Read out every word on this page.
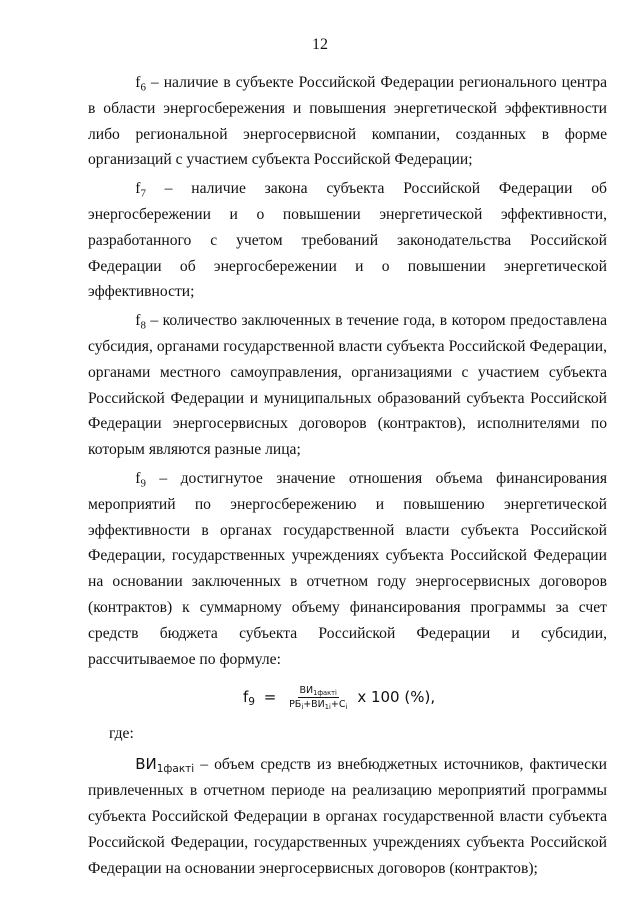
12

$f_6$ – наличие в субъекте Российской Федерации регионального центра в области энергосбережения и повышения энергетической эффективности либо региональной энергосервисной компании, созданных в форме организаций с участием субъекта Российской Федерации;

$f_7$ – наличие закона субъекта Российской Федерации об энергосбережении и о повышении энергетической эффективности, разработанного с учетом требований законодательства Российской Федерации об энергосбережении и о повышении энергетической эффективности;

$f_8$ – количество заключенных в течение года, в котором предоставлена субсидия, органами государственной власти субъекта Российской Федерации, органами местного самоуправления, организациями с участием субъекта Российской Федерации и муниципальных образований субъекта Российской Федерации энергосервисных договоров (контрактов), исполнителями по которым являются разные лица;

$f_9$ – достигнутое значение отношения объема финансирования мероприятий по энергосбережению и повышению энергетической эффективности в органах государственной власти субъекта Российской Федерации, государственных учреждениях субъекта Российской Федерации на основании заключенных в отчетном году энергосервисных договоров (контрактов) к суммарному объему финансирования программы за счет средств бюджета субъекта Российской Федерации и субсидии, рассчитываемое по формуле:

$f_9 = \frac{ВИ_{1факті}}{РБ_i+ВИ_{1i}+C_i}$ x 100 (%),

где:

$ВИ_{1факті}$ – объем средств из внебюджетных источников, фактически привлеченных в отчетном периоде на реализацию мероприятий программы субъекта Российской Федерации в органах государственной власти субъекта Российской Федерации, государственных учреждениях субъекта Российской Федерации на основании энергосервисных договоров (контрактов);
